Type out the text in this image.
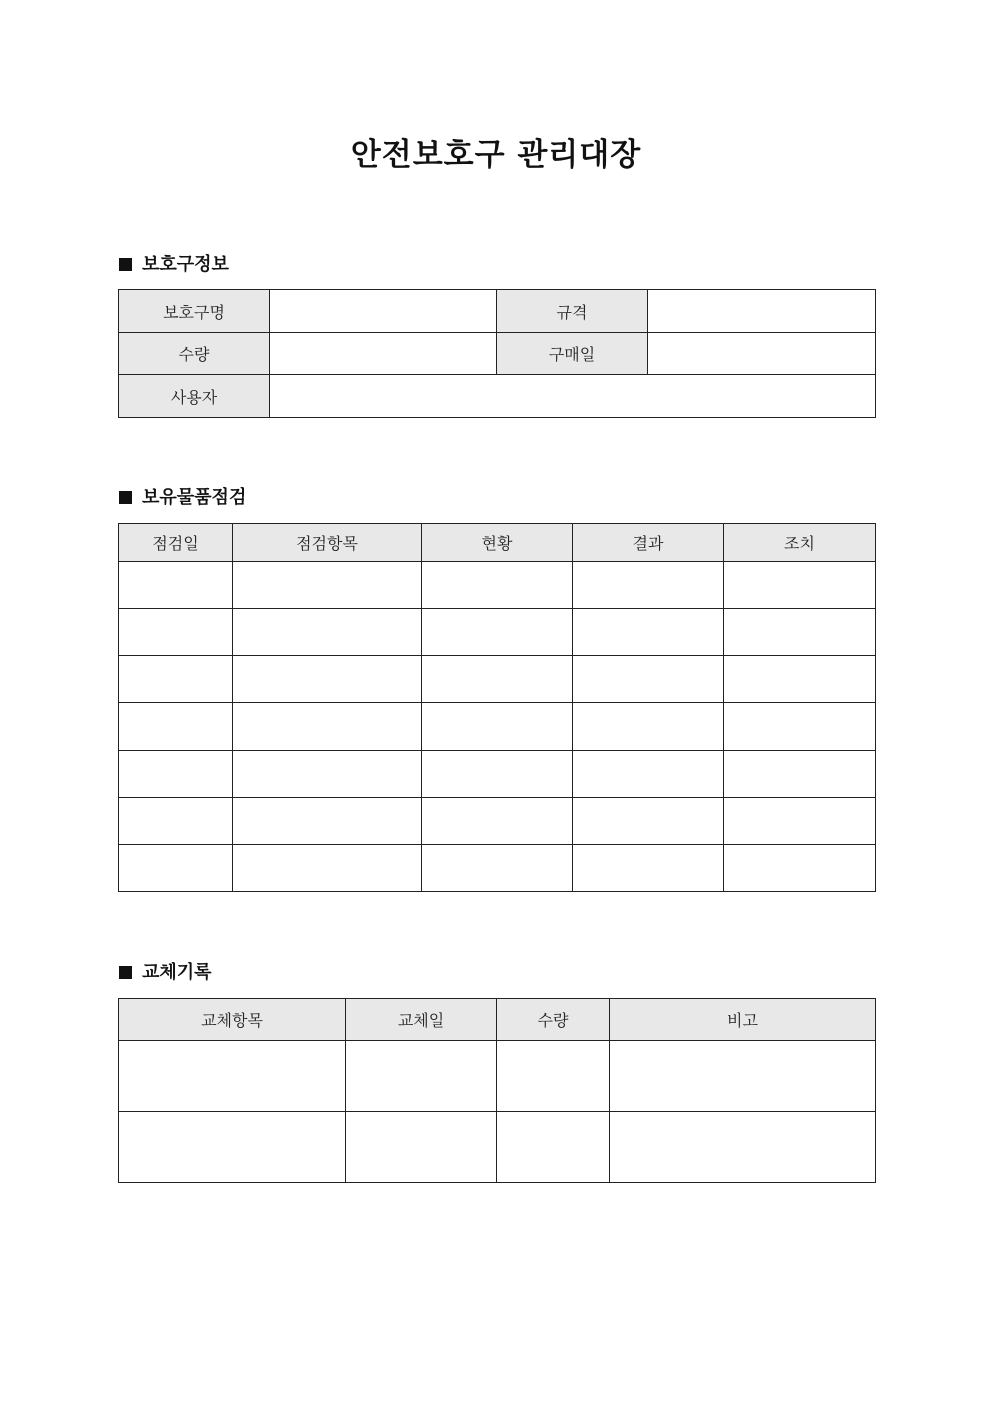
안전보호구 관리대장
보호구정보
보호구명		규격	
수량		구매일	
사용자			
보유물품점검
점검일	점검항목	현황	결과	조치

교체기록
교체항목	교체일	수량	비고
